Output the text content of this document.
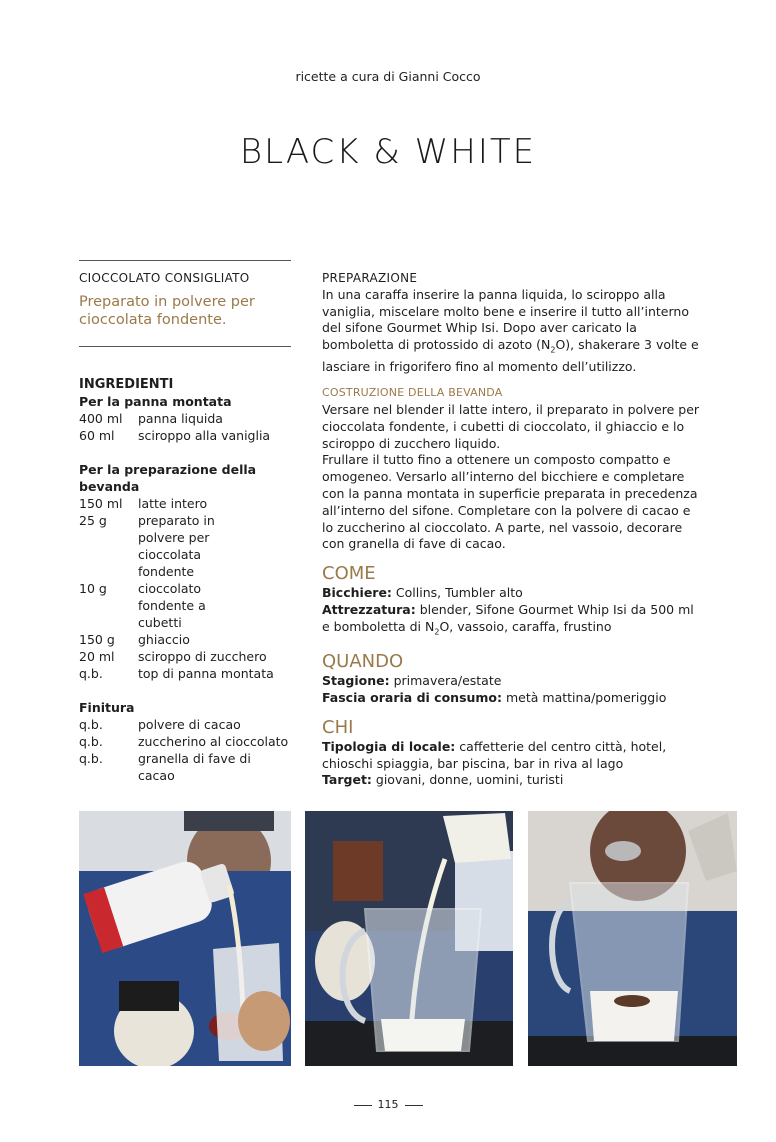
ricette a cura di Gianni Cocco
BLACK & WHITE
CIOCCOLATO CONSIGLIATO
Preparato in polvere per cioccolata fondente.
INGREDIENTI
Per la panna montata
400 ml	panna liquida
60 ml	sciroppo alla vaniglia
Per la preparazione della bevanda
150 ml	latte intero
25 g	preparato in polvere per cioccolata fondente
10 g	cioccolato fondente a cubetti
150 g	ghiaccio
20 ml	sciroppo di zucchero
q.b.	top di panna montata
Finitura
q.b.	polvere di cacao
q.b.	zuccherino al cioccolato
q.b.	granella di fave di cacao
PREPARAZIONE
In una caraffa inserire la panna liquida, lo sciroppo alla vaniglia, miscelare molto bene e inserire il tutto all’interno del sifone Gourmet Whip Isi. Dopo aver caricato la bomboletta di protossido di azoto $(N_2O)$, shakerare 3 volte e lasciare in frigorifero fino al momento dell’utilizzo.
COSTRUZIONE DELLA BEVANDA
Versare nel blender il latte intero, il preparato in polvere per cioccolata fondente, i cubetti di cioccolato, il ghiaccio e lo sciroppo di zucchero liquido.
Frullare il tutto fino a ottenere un composto compatto e omogeneo. Versarlo all’interno del bicchiere e completare con la panna montata in superficie preparata in precedenza all’interno del sifone. Completare con la polvere di cacao e lo zuccherino al cioccolato. A parte, nel vassoio, decorare con granella di fave di cacao.
COME
Bicchiere: Collins, Tumbler alto
Attrezzatura: blender, Sifone Gourmet Whip Isi da 500 ml e bomboletta di $N_2O$, vassoio, caraffa, frustino
QUANDO
Stagione: primavera/estate
Fascia oraria di consumo: metà mattina/pomeriggio
CHI
Tipologia di locale: caffetterie del centro città, hotel, chioschi spiaggia, bar piscina, bar in riva al lago
Target: giovani, donne, uomini, turisti
115
